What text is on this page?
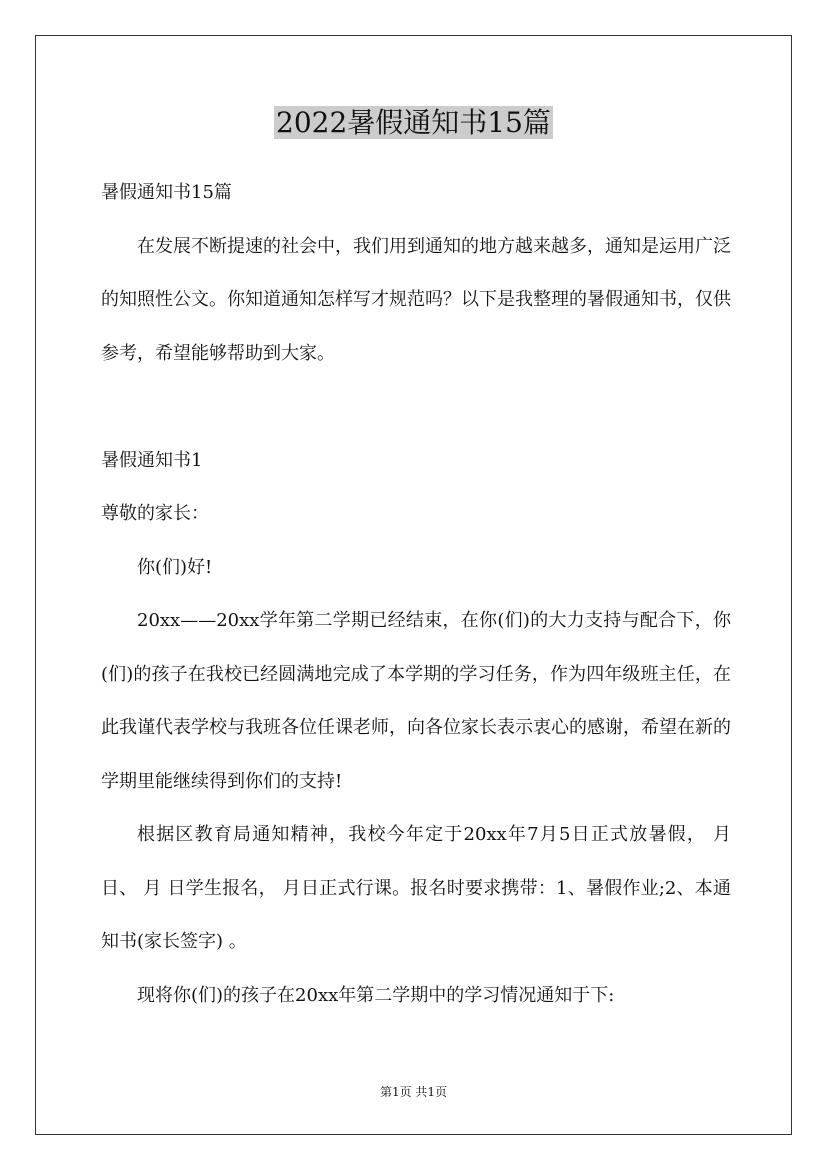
2022暑假通知书15篇

暑假通知书15篇

在发展不断提速的社会中，我们用到通知的地方越来越多，通知是运用广泛的知照性公文。你知道通知怎样写才规范吗？以下是我整理的暑假通知书，仅供参考，希望能够帮助到大家。

暑假通知书1

尊敬的家长：

你(们)好!

20xx——20xx学年第二学期已经结束，在你(们)的大力支持与配合下，你(们)的孩子在我校已经圆满地完成了本学期的学习任务，作为四年级班主任，在此我谨代表学校与我班各位任课老师，向各位家长表示衷心的感谢，希望在新的学期里能继续得到你们的支持!

根据区教育局通知精神，我校今年定于20xx年7月5日正式放暑假， 月 日、 月 日学生报名， 月日正式行课。报名时要求携带：1、暑假作业;2、本通知书(家长签字) 。

现将你(们)的孩子在20xx年第二学期中的学习情况通知于下:

第1页 共1页
